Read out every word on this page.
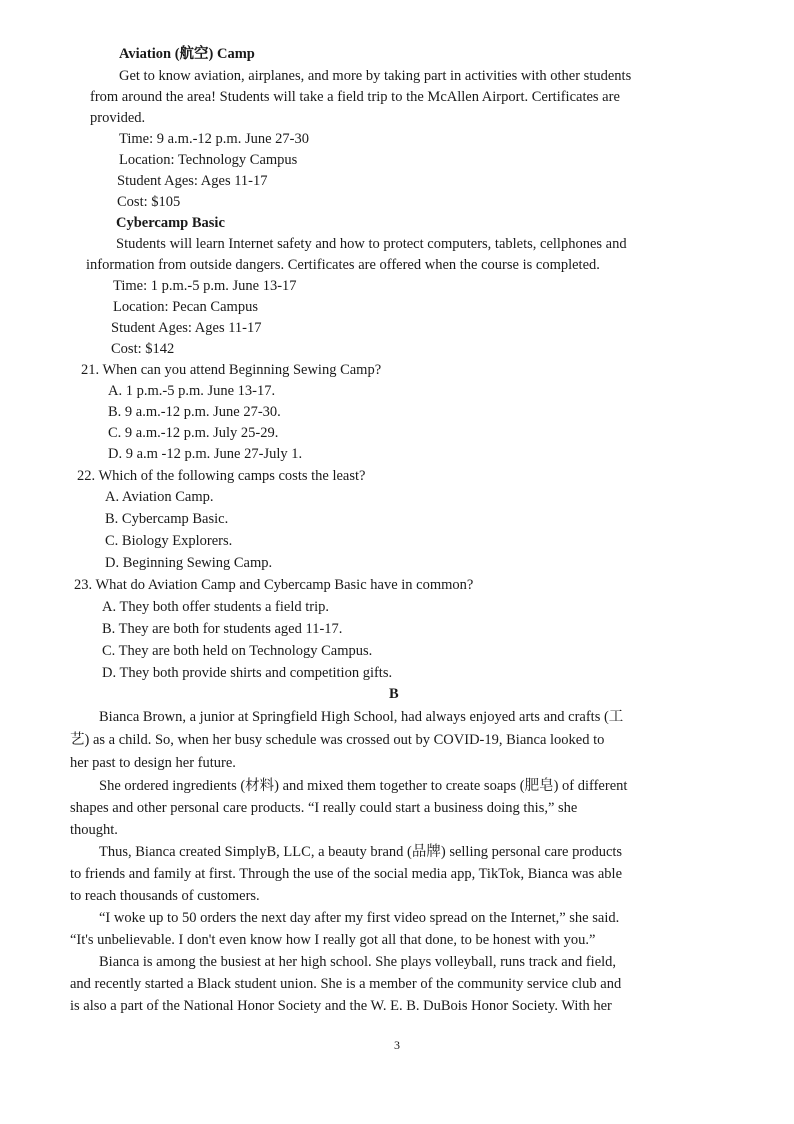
Aviation (航空) Camp
Get to know aviation, airplanes, and more by taking part in activities with other students
from around the area! Students will take a field trip to the McAllen Airport. Certificates are
provided.
Time: 9 a.m.-12 p.m. June 27-30
Location: Technology Campus
Student Ages: Ages 11-17
Cost: $105
Cybercamp Basic
Students will learn Internet safety and how to protect computers, tablets, cellphones and
information from outside dangers. Certificates are offered when the course is completed.
Time: 1 p.m.-5 p.m. June 13-17
Location: Pecan Campus
Student Ages: Ages 11-17
Cost: $142
21. When can you attend Beginning Sewing Camp?
A. 1 p.m.-5 p.m. June 13-17.
B. 9 a.m.-12 p.m. June 27-30.
C. 9 a.m.-12 p.m. July 25-29.
D. 9 a.m -12 p.m. June 27-July 1.
22. Which of the following camps costs the least?
A. Aviation Camp.
B. Cybercamp Basic.
C. Biology Explorers.
D. Beginning Sewing Camp.
23. What do Aviation Camp and Cybercamp Basic have in common?
A. They both offer students a field trip.
B. They are both for students aged 11-17.
C. They are both held on Technology Campus.
D. They both provide shirts and competition gifts.
B
Bianca Brown, a junior at Springfield High School, had always enjoyed arts and crafts (工
艺) as a child. So, when her busy schedule was crossed out by COVID-19, Bianca looked to
her past to design her future.
She ordered ingredients (材料) and mixed them together to create soaps (肥皂) of different
shapes and other personal care products. “I really could start a business doing this,” she
thought.
Thus, Bianca created SimplyB, LLC, a beauty brand (品牌) selling personal care products
to friends and family at first. Through the use of the social media app, TikTok, Bianca was able
to reach thousands of customers.
“I woke up to 50 orders the next day after my first video spread on the Internet,” she said.
“It's unbelievable. I don't even know how I really got all that done, to be honest with you.”
Bianca is among the busiest at her high school. She plays volleyball, runs track and field,
and recently started a Black student union. She is a member of the community service club and
is also a part of the National Honor Society and the W. E. B. DuBois Honor Society. With her
3
